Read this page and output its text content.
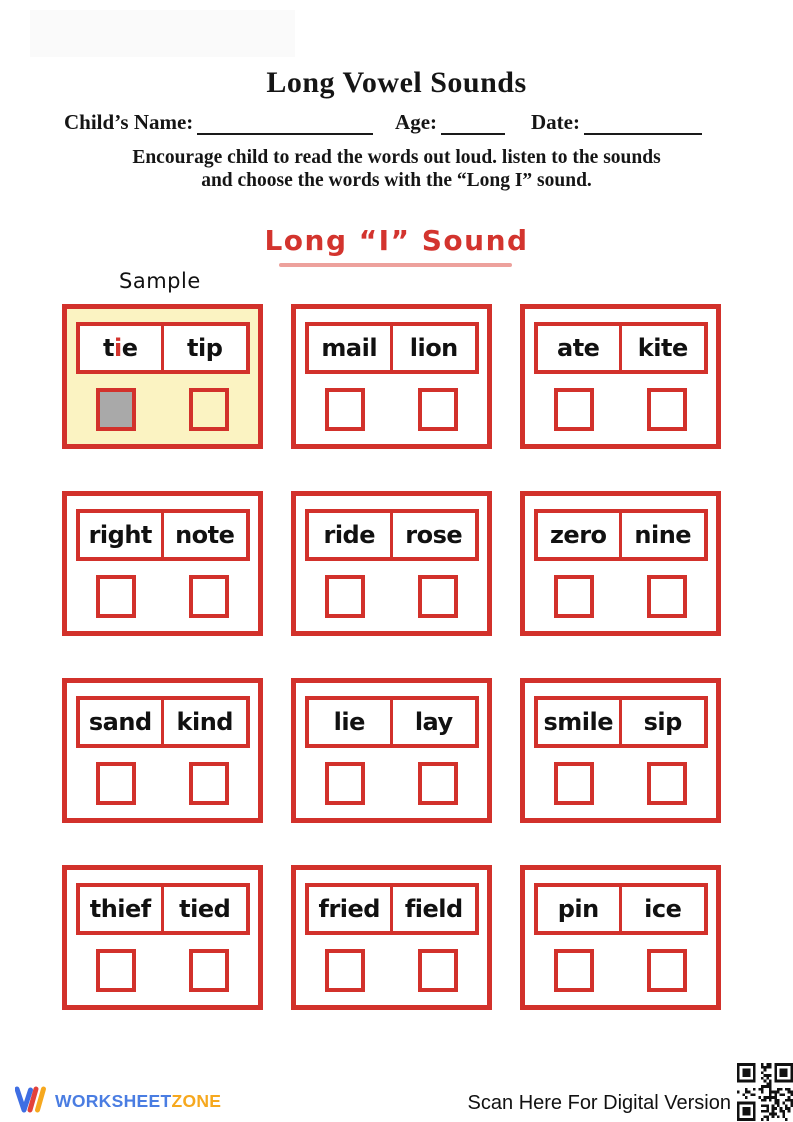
Long Vowel Sounds
Child’s Name:	Age:	Date:
Encourage child to read the words out loud. listen to the sounds
and choose the words with the “Long I” sound.
Long “I” Sound
Sample
t i e	tip	mail	lion	ate	kite
right note	ride	rose	zero	nine
sand	kind	lie	lay	smile	sip
thief	tied	fried	field	pin	ice
WORKSHEETZONE	Scan Here For Digital Version
